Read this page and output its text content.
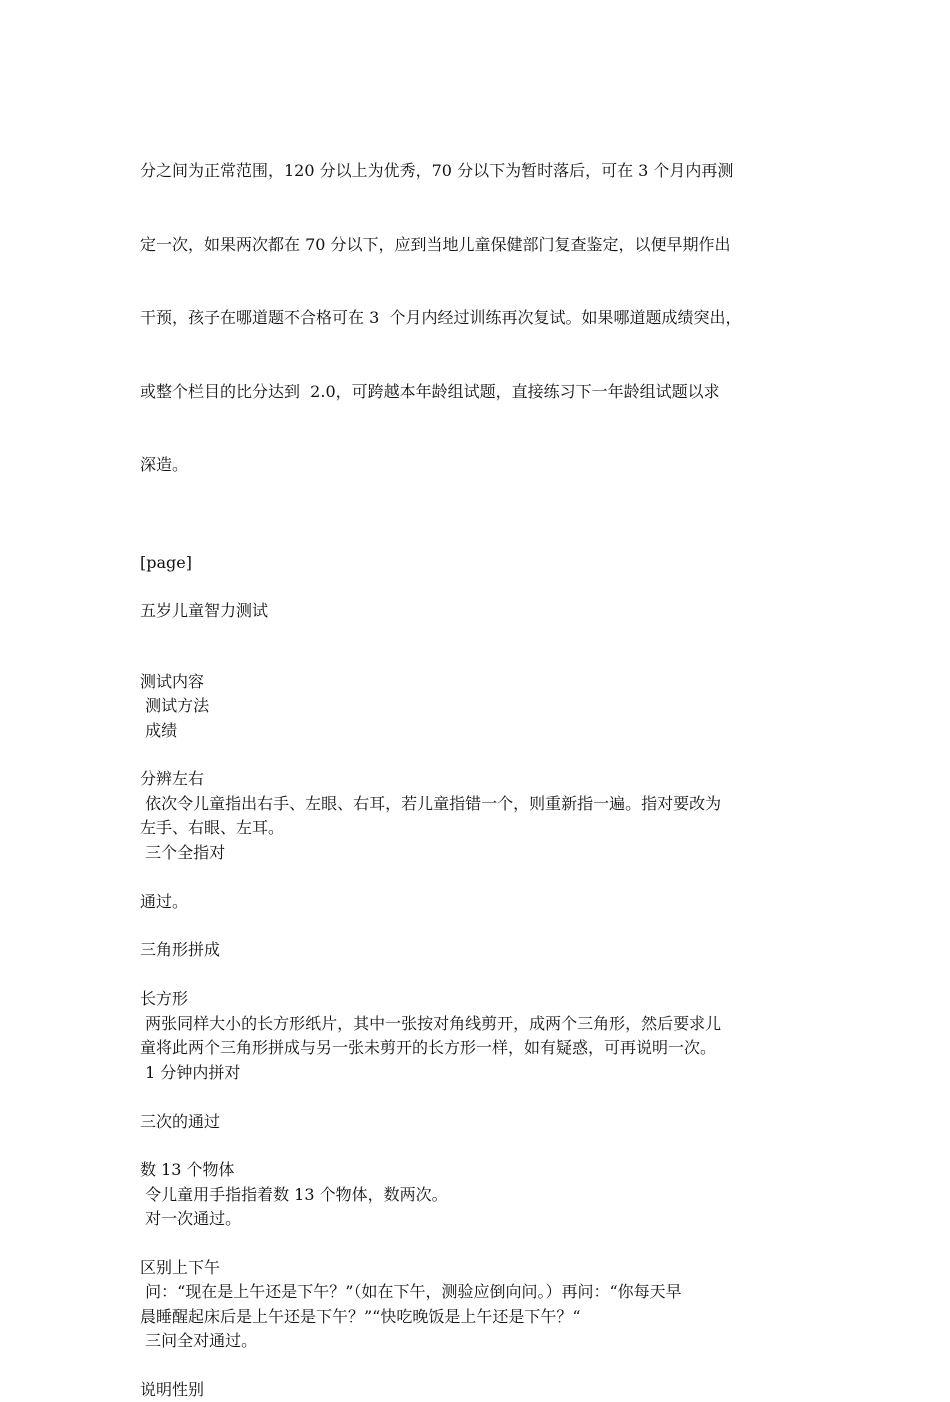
分之间为正常范围，120 分以上为优秀，70 分以下为暂时落后，可在 3 个月内再测

定一次，如果两次都在 70 分以下，应到当地儿童保健部门复查鉴定，以便早期作出

干预，孩子在哪道题不合格可在 3  个月内经过训练再次复试。如果哪道题成绩突出，

或整个栏目的比分达到  2.0，可跨越本年龄组试题，直接练习下一年龄组试题以求

深造。

[page]
五岁儿童智力测试
测试内容
测试方法
成绩
分辨左右
依次令儿童指出右手、左眼、右耳，若儿童指错一个，则重新指一遍。指对要改为
左手、右眼、左耳。
三个全指对

通过。
三角形拼成

长方形
两张同样大小的长方形纸片，其中一张按对角线剪开，成两个三角形，然后要求儿
童将此两个三角形拼成与另一张未剪开的长方形一样，如有疑惑，可再说明一次。
1 分钟内拼对

三次的通过
数 13 个物体
令儿童用手指指着数 13 个物体，数两次。
对一次通过。
区别上下午
问：“现在是上午还是下午？”（如在下午，测验应倒向问。）再问：“你每天早
晨睡醒起床后是上午还是下午？”“快吃晚饭是上午还是下午？“
三问全对通过。
说明性别
